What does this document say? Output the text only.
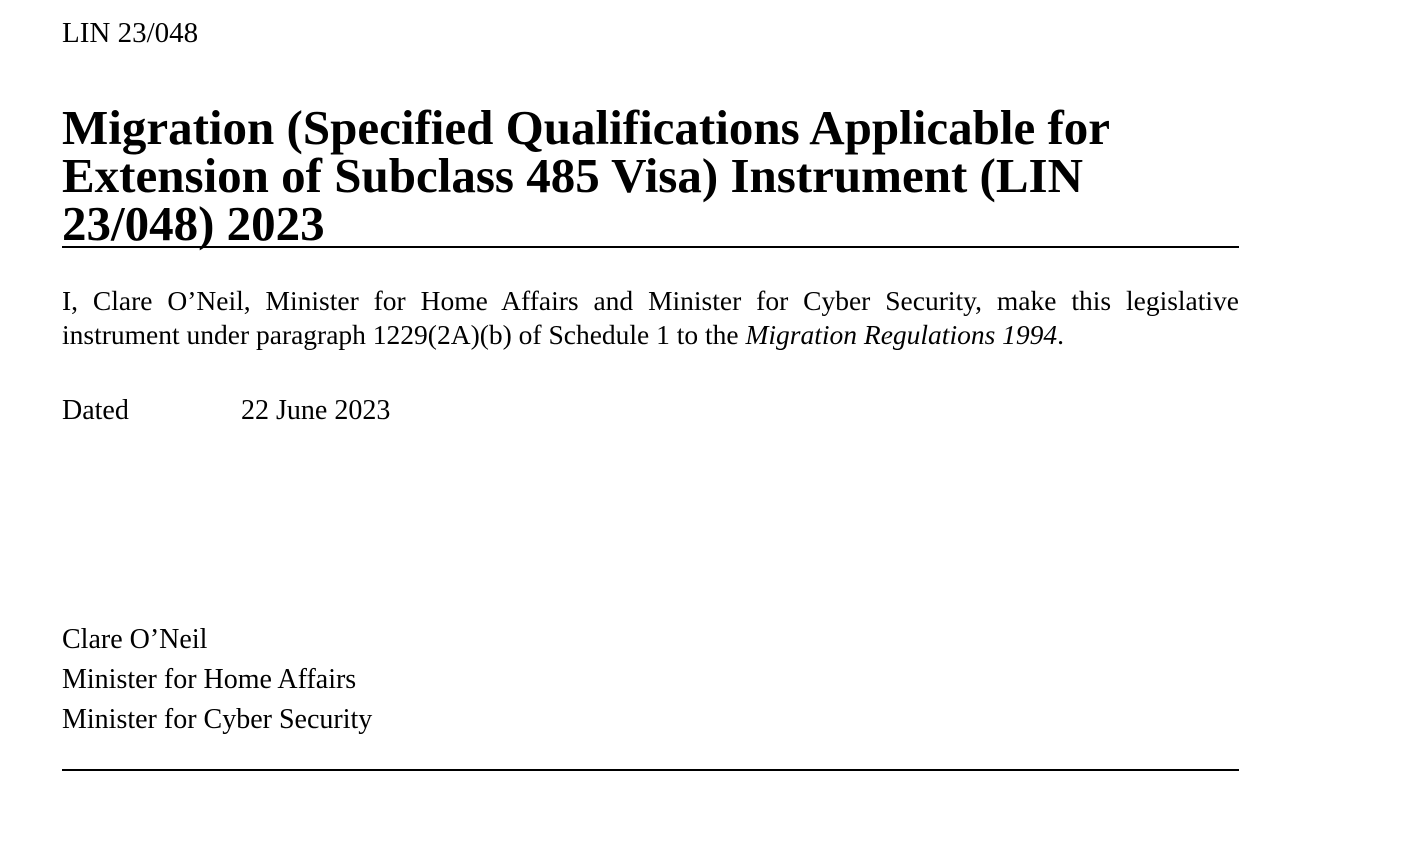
LIN 23/048
Migration (Specified Qualifications Applicable for Extension of Subclass 485 Visa) Instrument (LIN 23/048) 2023

I, Clare O’Neil, Minister for Home Affairs and Minister for Cyber Security, make this legislative instrument under paragraph 1229(2A)(b) of Schedule 1 to the Migration Regulations 1994.

Dated	22 June 2023
Clare O’Neil
Minister for Home Affairs
Minister for Cyber Security
